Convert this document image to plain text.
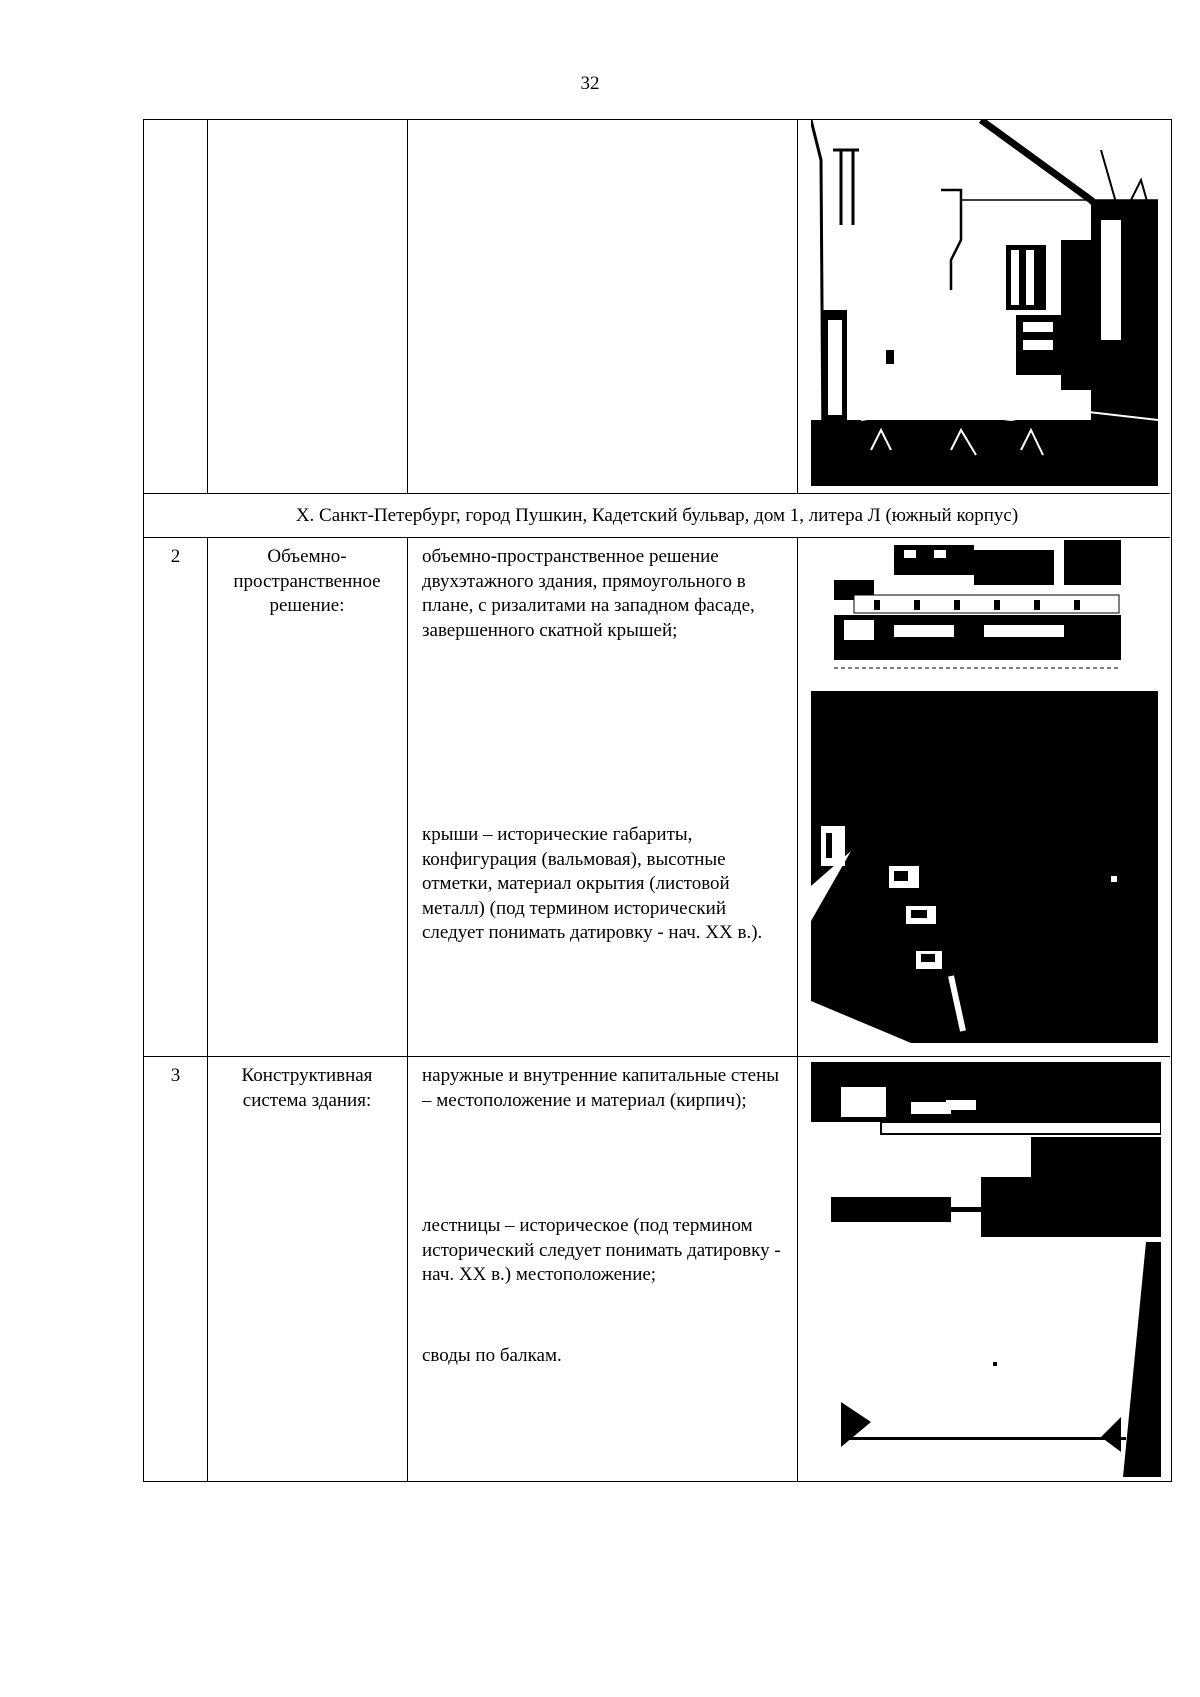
32
Х. Санкт-Петербург, город Пушкин, Кадетский бульвар, дом 1, литера Л (южный корпус)
2	Объемно-пространственное решение:
объемно-пространственное решение двухэтажного здания, прямоугольного в плане, с ризалитами на западном фасаде, завершенного скатной крышей;
крыши – исторические габариты, конфигурация (вальмовая), высотные отметки, материал окрытия (листовой металл) (под термином исторический следует понимать датировку - нач. XX в.).
3	Конструктивная система здания:
наружные и внутренние капитальные стены – местоположение и материал (кирпич);
лестницы – историческое (под термином исторический следует понимать датировку - нач. XX в.) местоположение;
своды по балкам.
